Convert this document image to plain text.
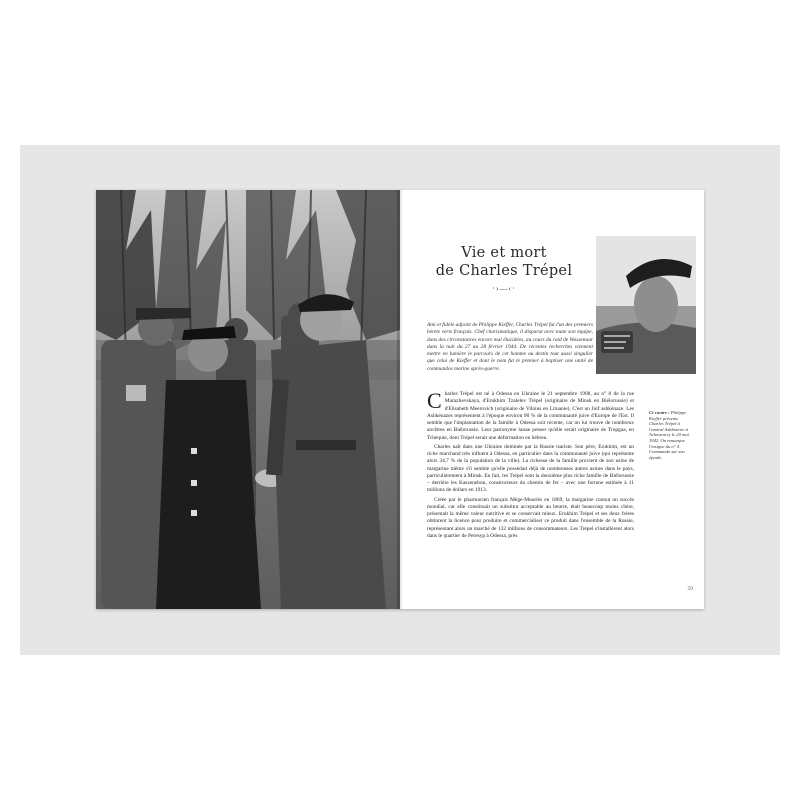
Vie et mort
de Charles Trépel
·›—‹·

Ami et fidèle adjoint de Philippe Kieffer, Charles Trépel fut l'un des premiers bérets verts français. Chef charismatique, il disparut avec toute son équipe, dans des circonstances encore mal élucidées, au cours du raid de Wassenaar dans la nuit du 27 au 28 février 1944. De récentes recherches viennent mettre en lumière le parcours de cet homme au destin tout aussi singulier que celui de Kieffer et dont le nom fut le premier à baptiser une unité de commandos marine après-guerre.

Charles Trépel est né à Odessa en Ukraine le 21 septembre 1908, au n° 8 de la rue Marazlievskaya, d'Erukhim Tzalelev Trépel (originaire de Minsk en Biélorussie) et d'Elisabeth Meerovich (originaire de Vilnius en Lituanie). C'est un Juif ashkénaze. Les Ashkénazes représentent à l'époque environ 90 % de la communauté juive d'Europe de l'Est. Il semble que l'implantation de la famille à Odessa soit récente, car on lui trouve de nombreux ancêtres en Biélorussie. Leur patronyme laisse penser qu'elle serait originaire de Tropgaa, en Tchéquie, dont Trépel serait une déformation en hébreu.

Charles naît dans une Ukraine dominée par la Russie tsariste. Son père, Erukhim, est un riche marchand très influent à Odessa, en particulier dans la communauté juive (qui représente alors 34,7 % de la population de la ville). La richesse de la famille provient de son usine de margarine même s'il semble qu'elle possédait déjà de nombreuses autres usines dans le pays, particulièrement à Minsk. En fait, les Trépel sont la deuxième plus riche famille de Biélorussie – derrière les Kaszenebon, constructeurs du chemin de fer – avec une fortune estimée à 11 millions de dollars en 1913.

Créée par le pharmacien français Mège-Mouriès en 1869, la margarine connut un succès mondial, car elle constituait un substitut acceptable au beurre, était beaucoup moins chère, présentait la même valeur nutritive et se conservait mieux. Erukhim Trépel et ses deux frères obtinrent la licence pour produire et commercialiser ce produit dans l'ensemble de la Russie, représentant alors un marché de 132 millions de consommateurs. Les Trépel s'installèrent alors dans le quartier de Peresyp à Odessa, près

Ci-contre : Philippe Kieffer présente Charles Trépel à l'amiral Ashbourne à Achnacarry le 20 mai 1942. On remarque l'insigne du n° 4 Commando sur son épaule.

59
